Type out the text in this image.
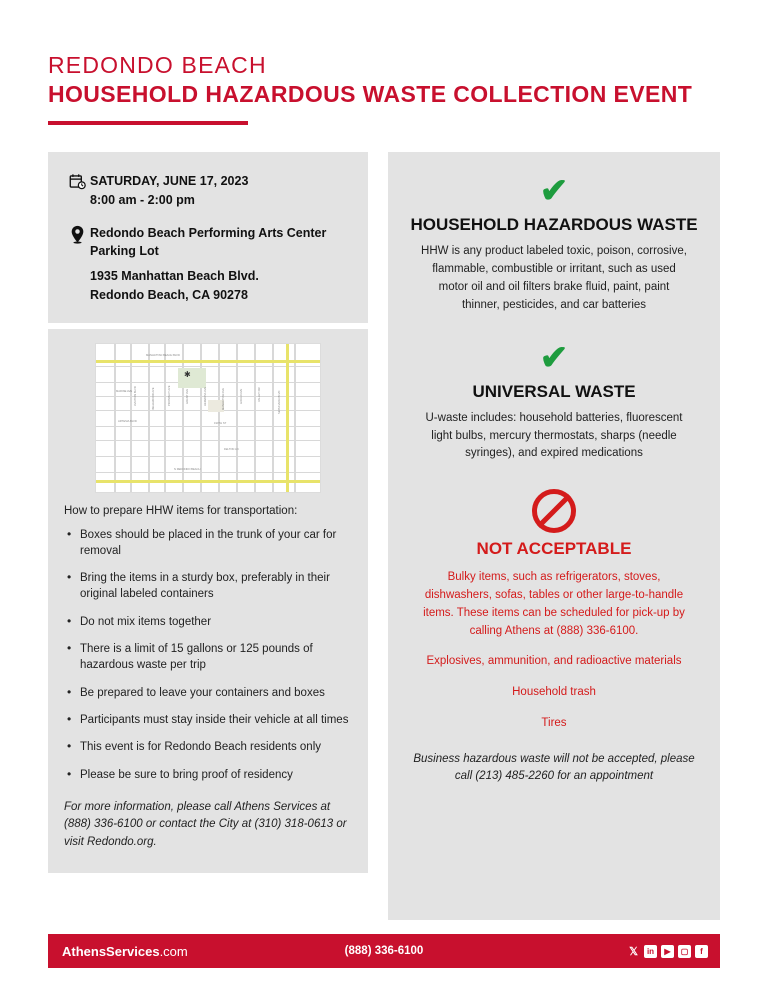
REDONDO BEACH
HOUSEHOLD HAZARDOUS WASTE COLLECTION EVENT
SATURDAY, JUNE 17, 2023
8:00 am - 2:00 pm
Redondo Beach Performing Arts Center
Parking Lot
1935 Manhattan Beach Blvd.
Redondo Beach, CA 90278
✱
MANHATTAN BEACH BLVD
MARINE AVE
ARTESIA BLVD
190TH ST
FELTON LN
N REDONDO BEACH
AVIATION BLVD	INGLEWOOD AVE	PROSPECT AVE	GRANT AVE	HERMOSA AVE	MANHATTAN AVE	GOULD AVE	VALLEY DR	SEPULVEDA BLVD
How to prepare HHW items for transportation:
• Boxes should be placed in the trunk of your car for removal
• Bring the items in a sturdy box, preferably in their original labeled containers
• Do not mix items together
• There is a limit of 15 gallons or 125 pounds of hazardous waste per trip
• Be prepared to leave your containers and boxes
• Participants must stay inside their vehicle at all times
• This event is for Redondo Beach residents only
• Please be sure to bring proof of residency
For more information, please call Athens Services at (888) 336-6100 or contact the City at (310) 318-0613 or visit Redondo.org.
✔
HOUSEHOLD HAZARDOUS WASTE

HHW is any product labeled toxic, poison, corrosive, flammable, combustible or irritant, such as used motor oil and oil filters brake fluid, paint, paint thinner, pesticides, and car batteries

✔
UNIVERSAL WASTE

U-waste includes: household batteries, fluorescent light bulbs, mercury thermostats, sharps (needle syringes), and expired medications

NOT ACCEPTABLE

Bulky items, such as refrigerators, stoves, dishwashers, sofas, tables or other large-to-handle items. These items can be scheduled for pick-up by calling Athens at (888) 336-6100.

Explosives, ammunition, and radioactive materials

Household trash

Tires

Business hazardous waste will not be accepted, please call (213) 485-2260 for an appointment

AthensServices.com	(888) 336-6100	𝕏	in	▶	▢	f
